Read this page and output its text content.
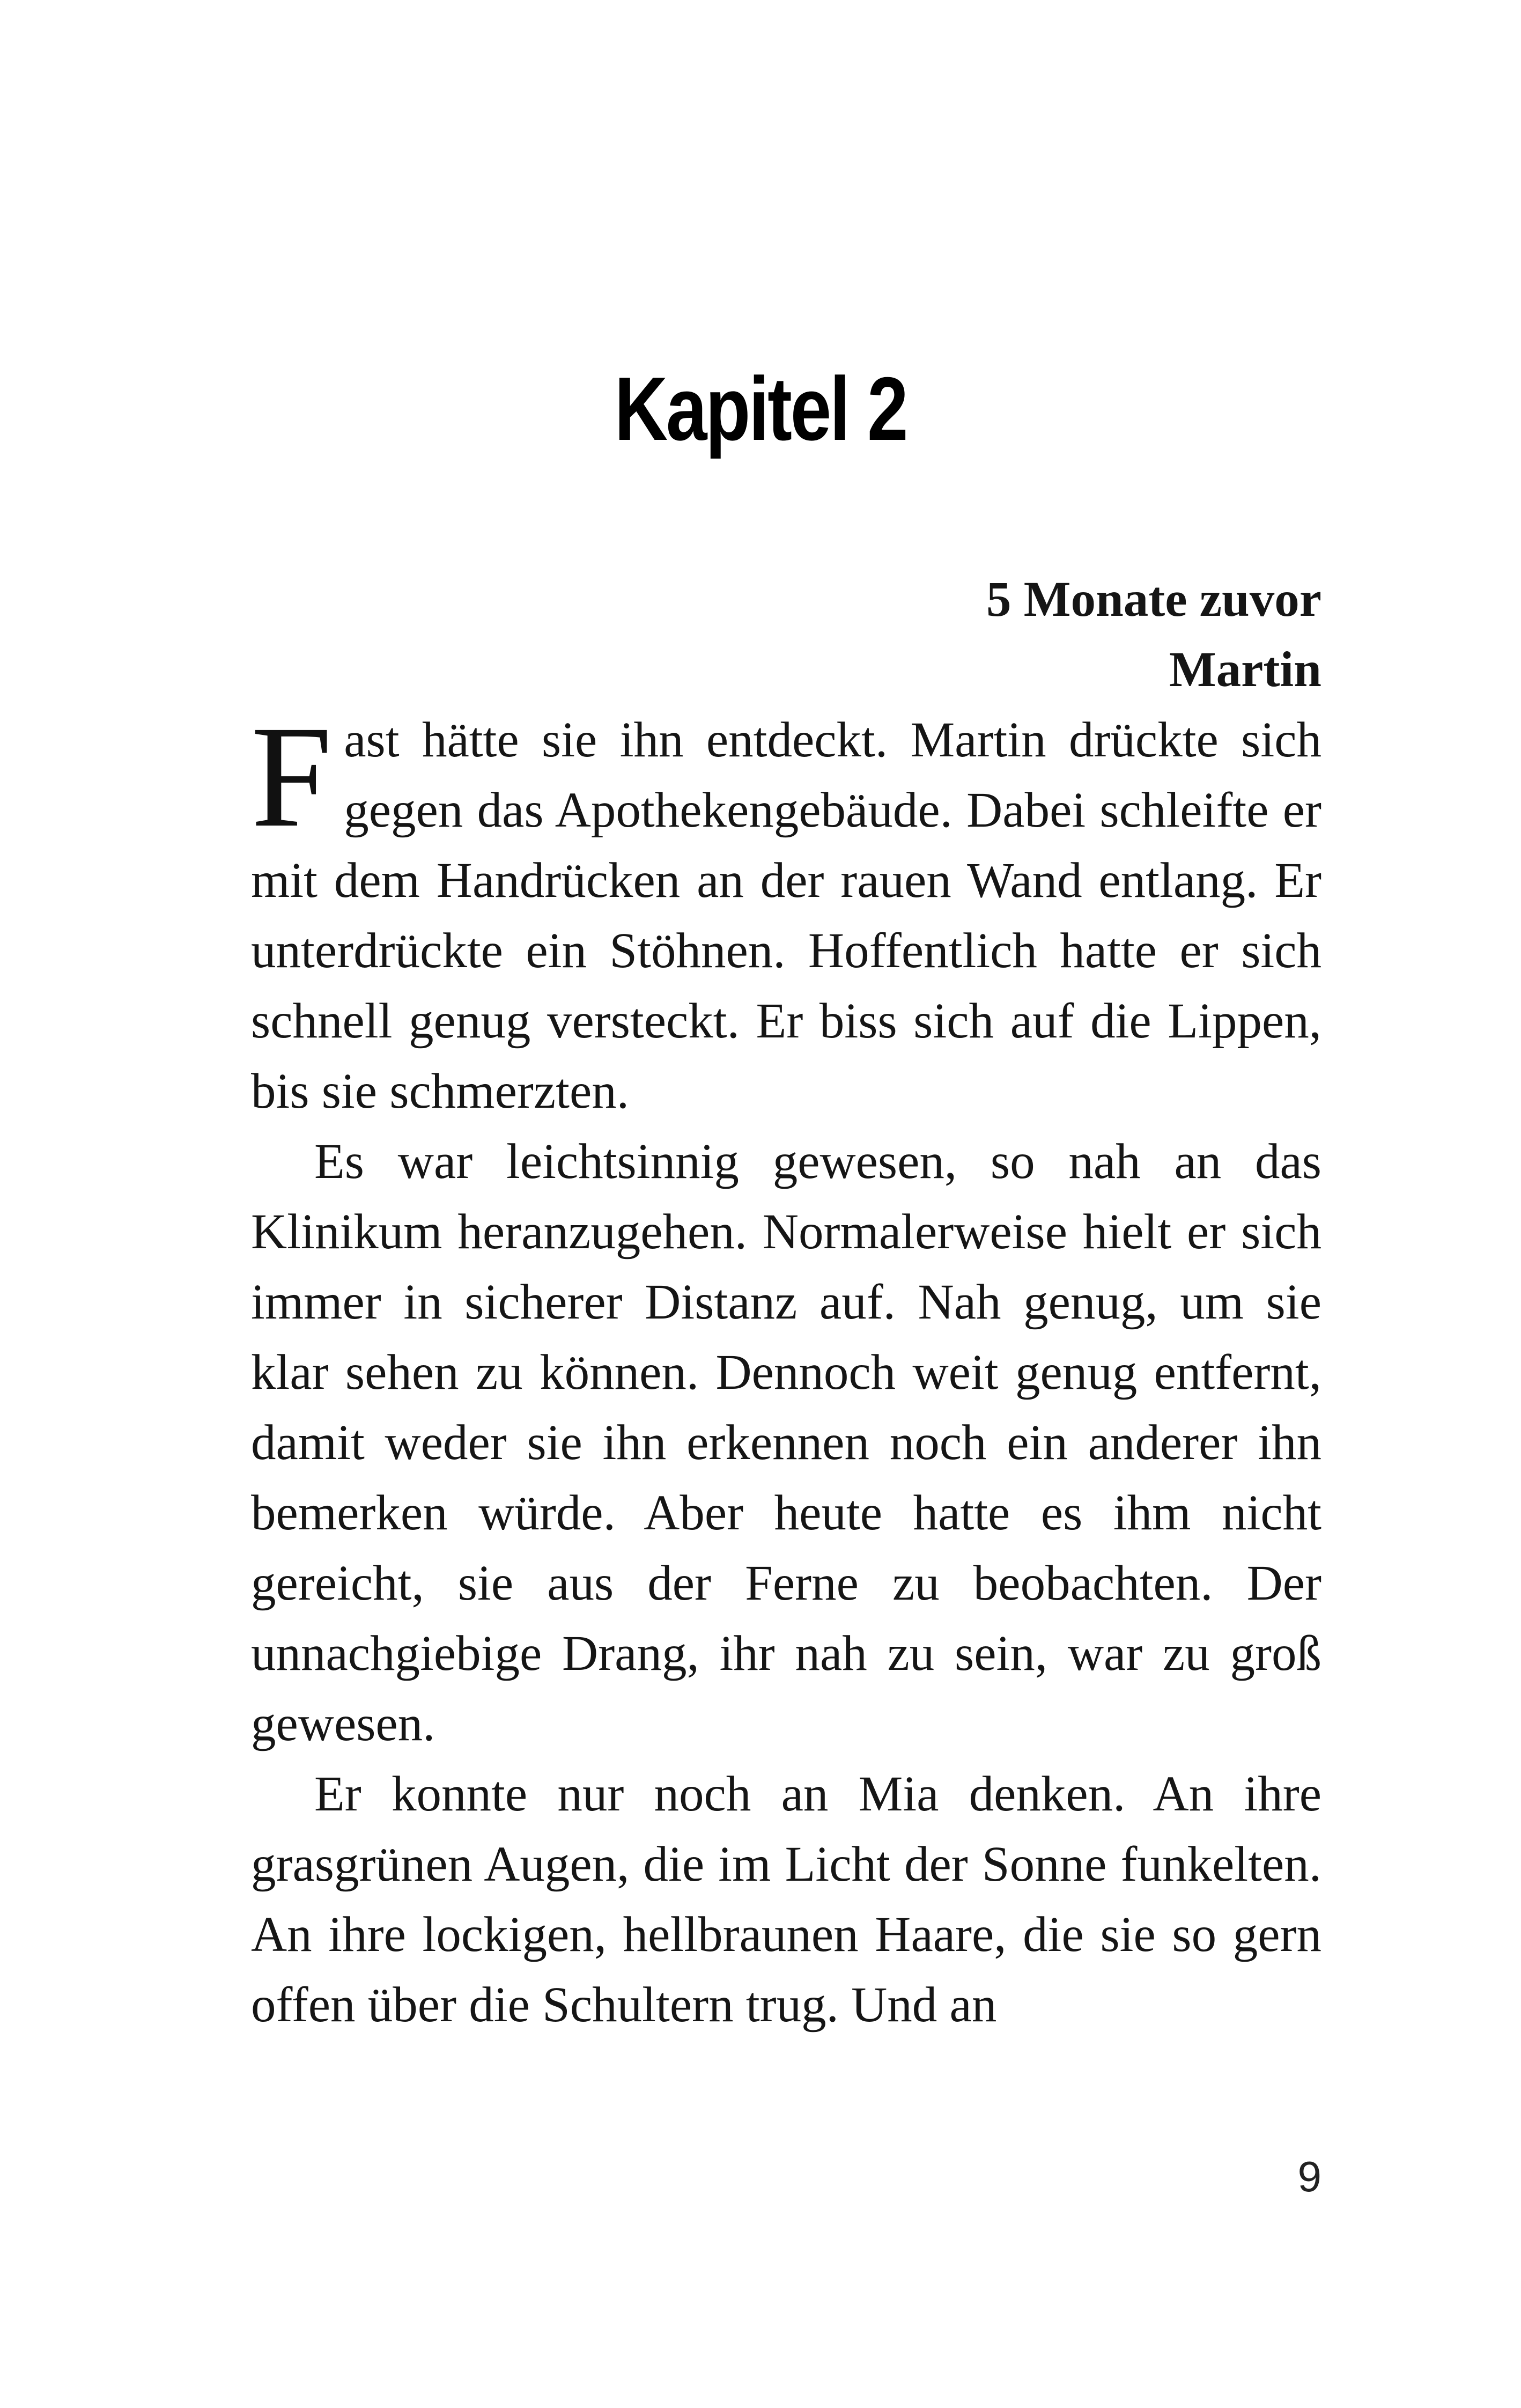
Kapitel 2
5 Monate zuvor
Martin

Fast hätte sie ihn entdeckt. Martin drückte sich gegen das Apothekengebäude. Dabei schleifte er mit dem Handrücken an der rauen Wand entlang. Er unterdrückte ein Stöhnen. Hoffentlich hatte er sich schnell genug versteckt. Er biss sich auf die Lippen, bis sie schmerzten.

Es war leichtsinnig gewesen, so nah an das Klinikum heranzugehen. Normalerweise hielt er sich immer in sicherer Distanz auf. Nah genug, um sie klar sehen zu können. Dennoch weit genug entfernt, damit weder sie ihn erkennen noch ein anderer ihn bemerken würde. Aber heute hatte es ihm nicht gereicht, sie aus der Ferne zu beobachten. Der unnachgiebige Drang, ihr nah zu sein, war zu groß gewesen.

Er konnte nur noch an Mia denken. An ihre grasgrünen Augen, die im Licht der Sonne funkelten. An ihre lockigen, hellbraunen Haare, die sie so gern offen über die Schultern trug. Und an

9
